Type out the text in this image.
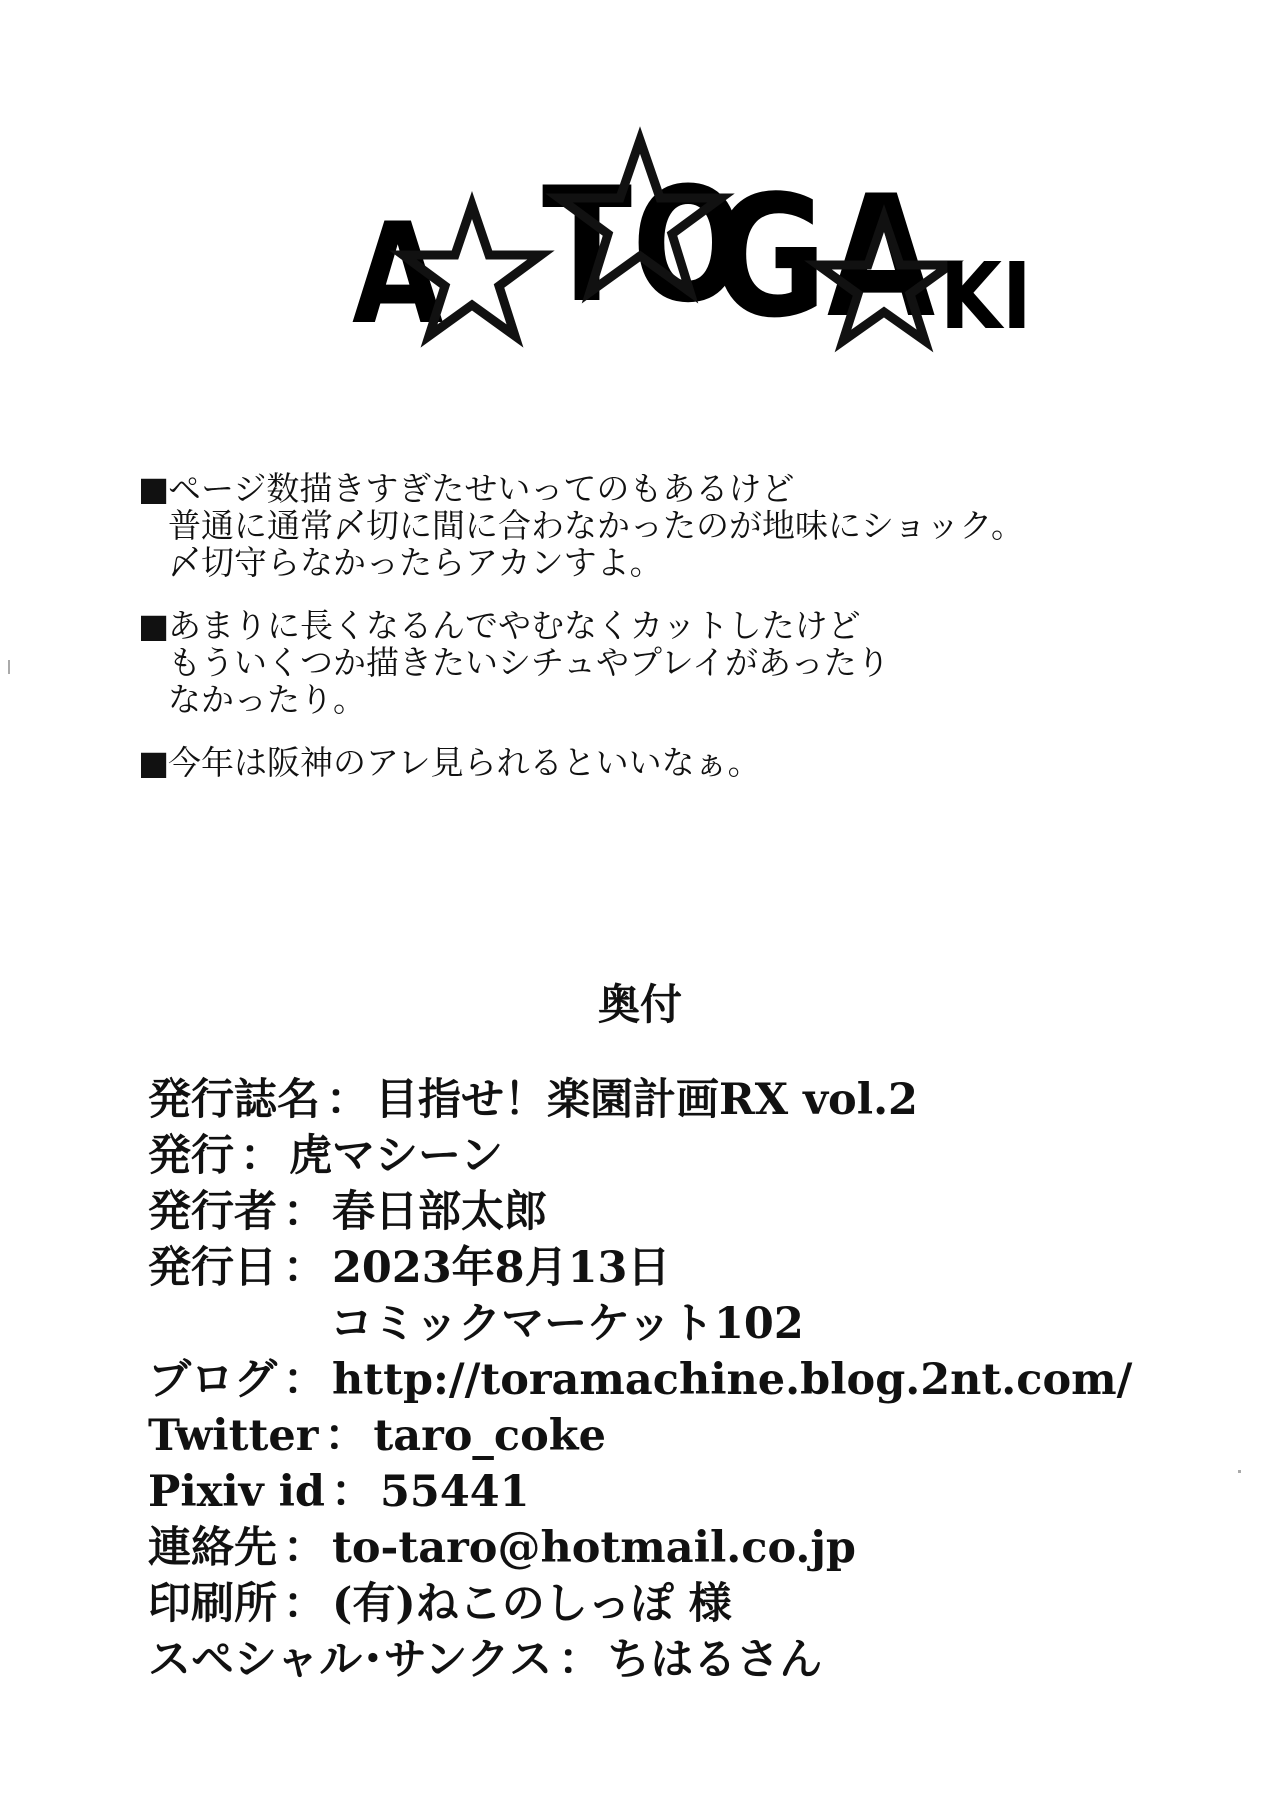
A TO
GA KI
■ページ数描きすぎたせいってのもあるけど
普通に通常〆切に間に合わなかったのが地味にショック。
〆切守らなかったらアカンすよ。
■あまりに長くなるんでやむなくカットしたけど
もういくつか描きたいシチュやプレイがあったり
なかったり。
■今年は阪神のアレ見られるといいなぁ。
奥付
発行誌名 ： 目指せ！楽園計画RX vol.2
発行 ： 虎マシーン
発行者 ： 春日部太郎
発行日 ： 2023年8月13日
コミックマーケット102
ブログ ： http://toramachine.blog.2nt.com/
Twitter ： taro_coke
Pixiv id ： 55441
連絡先 ： to-taro@hotmail.co.jp
印刷所 ： (有)ねこのしっぽ 様
スペシャル･サンクス ： ちはるさん
